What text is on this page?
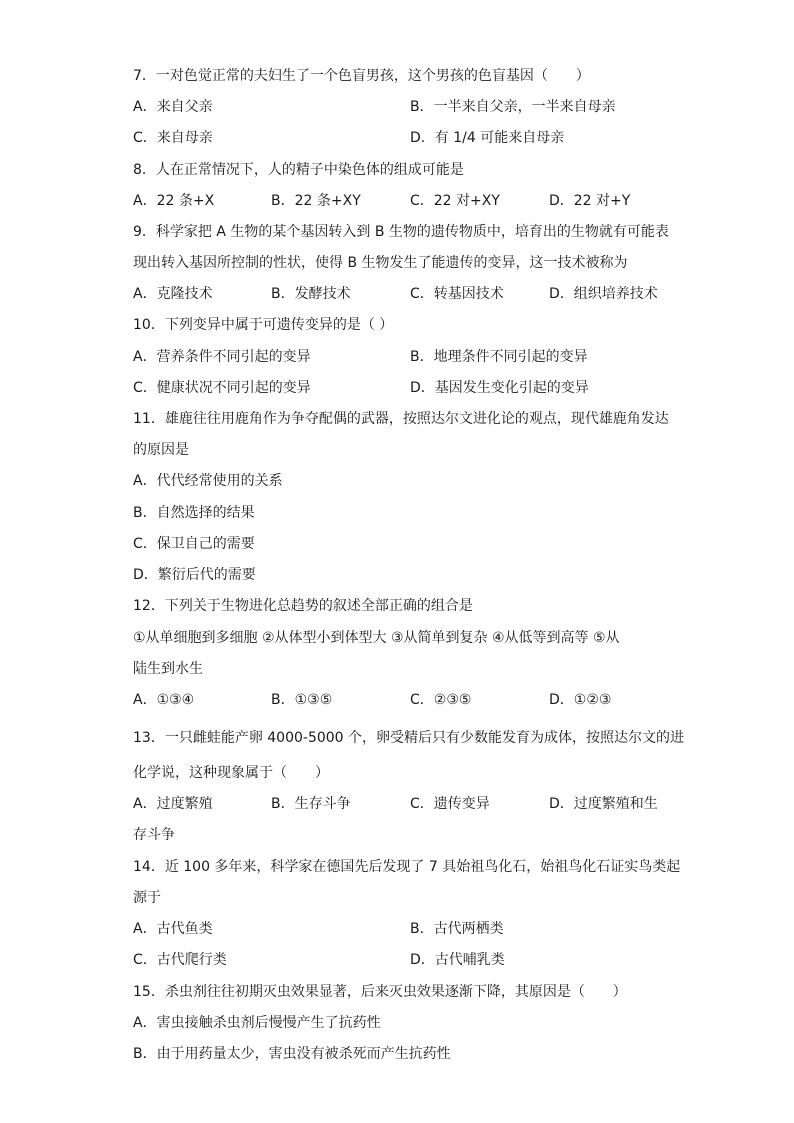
7．一对色觉正常的夫妇生了一个色盲男孩，这个男孩的色盲基因（　　）
A．来自父亲	B．一半来自父亲，一半来自母亲
C．来自母亲	D．有 1/4 可能来自母亲
8．人在正常情况下，人的精子中染色体的组成可能是
A．22 条+X	B．22 条+XY	C．22 对+XY	D．22 对+Y
9．科学家把 A 生物的某个基因转入到 B 生物的遗传物质中，培育出的生物就有可能表
现出转入基因所控制的性状，使得 B 生物发生了能遗传的变异，这一技术被称为
A．克隆技术	B．发酵技术	C．转基因技术	D．组织培养技术
10．下列变异中属于可遗传变异的是（ ）
A．营养条件不同引起的变异	B．地理条件不同引起的变异
C．健康状况不同引起的变异	D．基因发生变化引起的变异
11．雄鹿往往用鹿角作为争夺配偶的武器，按照达尔文进化论的观点，现代雄鹿角发达
的原因是
A．代代经常使用的关系
B．自然选择的结果
C．保卫自己的需要
D．繁衍后代的需要
12．下列关于生物进化总趋势的叙述全部正确的组合是
①从单细胞到多细胞 ②从体型小到体型大 ③从简单到复杂 ④从低等到高等 ⑤从
陆生到水生
A．①③④	B．①③⑤	C．②③⑤	D．①②③
13．一只雌蛙能产卵 4000-5000 个，卵受精后只有少数能发育为成体，按照达尔文的进
化学说，这种现象属于（　　）
A．过度繁殖	B．生存斗争	C．遗传变异	D．过度繁殖和生
存斗争
14．近 100 多年来，科学家在德国先后发现了 7 具始祖鸟化石，始祖鸟化石证实鸟类起
源于
A．古代鱼类	B．古代两栖类
C．古代爬行类	D．古代哺乳类
15．杀虫剂往往初期灭虫效果显著，后来灭虫效果逐渐下降，其原因是（　　）
A．害虫接触杀虫剂后慢慢产生了抗药性
B．由于用药量太少，害虫没有被杀死而产生抗药性
